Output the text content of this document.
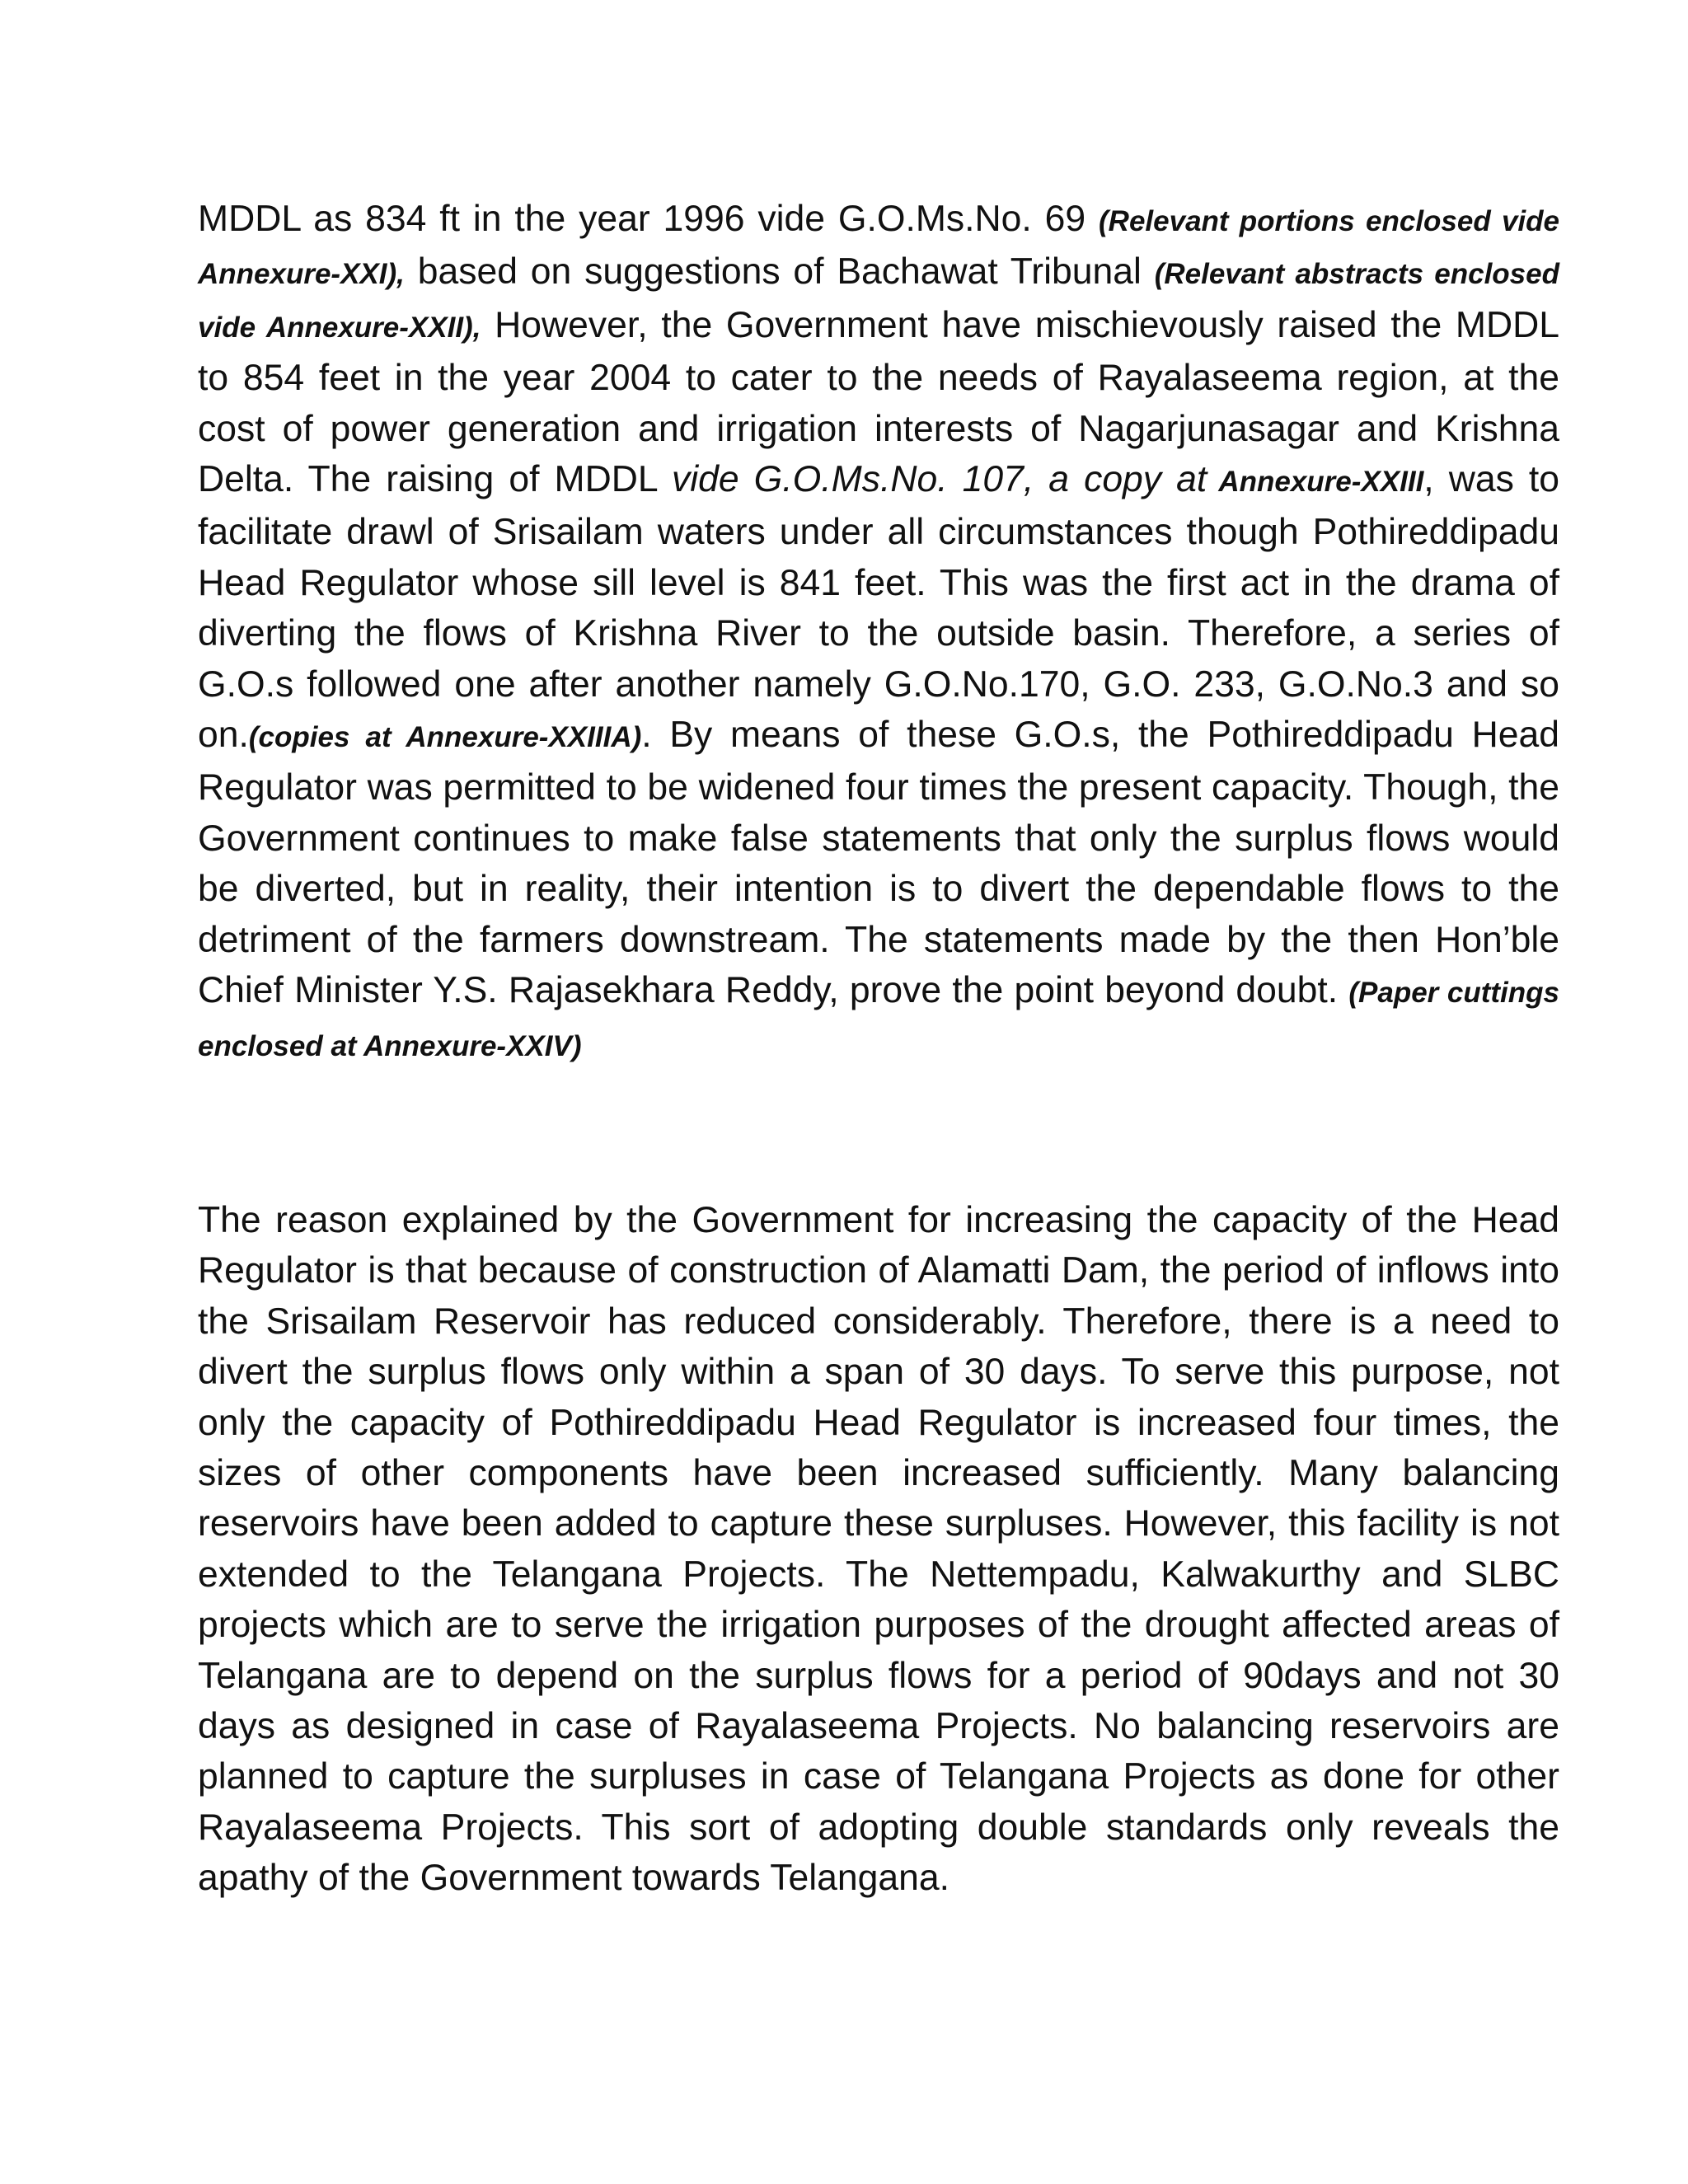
MDDL as 834 ft in the year 1996 vide G.O.Ms.No. 69 (Relevant portions enclosed vide Annexure-XXI), based on suggestions of Bachawat Tribunal (Relevant abstracts enclosed vide Annexure-XXII), However, the Government have mischievously raised the MDDL to 854 feet in the year 2004 to cater to the needs of Rayalaseema region, at the cost of power generation and irrigation interests of Nagarjunasagar and Krishna Delta. The raising of MDDL vide G.O.Ms.No. 107, a copy at Annexure-XXIII, was to facilitate drawl of Srisailam waters under all circumstances though Pothireddipadu Head Regulator whose sill level is 841 feet. This was the first act in the drama of diverting the flows of Krishna River to the outside basin. Therefore, a series of G.O.s followed one after another namely G.O.No.170, G.O. 233, G.O.No.3 and so on.(copies at Annexure-XXIIIA). By means of these G.O.s, the Pothireddipadu Head Regulator was permitted to be widened four times the present capacity. Though, the Government continues to make false statements that only the surplus flows would be diverted, but in reality, their intention is to divert the dependable flows to the detriment of the farmers downstream. The statements made by the then Hon’ble Chief Minister Y.S. Rajasekhara Reddy, prove the point beyond doubt. (Paper cuttings enclosed at Annexure-XXIV)

The reason explained by the Government for increasing the capacity of the Head Regulator is that because of construction of Alamatti Dam, the period of inflows into the Srisailam Reservoir has reduced considerably. Therefore, there is a need to divert the surplus flows only within a span of 30 days. To serve this purpose, not only the capacity of Pothireddipadu Head Regulator is increased four times, the sizes of other components have been increased sufficiently. Many balancing reservoirs have been added to capture these surpluses. However, this facility is not extended to the Telangana Projects. The Nettempadu, Kalwakurthy and SLBC projects which are to serve the irrigation purposes of the drought affected areas of Telangana are to depend on the surplus flows for a period of 90days and not 30 days as designed in case of Rayalaseema Projects. No balancing reservoirs are planned to capture the surpluses in case of Telangana Projects as done for other Rayalaseema Projects. This sort of adopting double standards only reveals the apathy of the Government towards Telangana.
